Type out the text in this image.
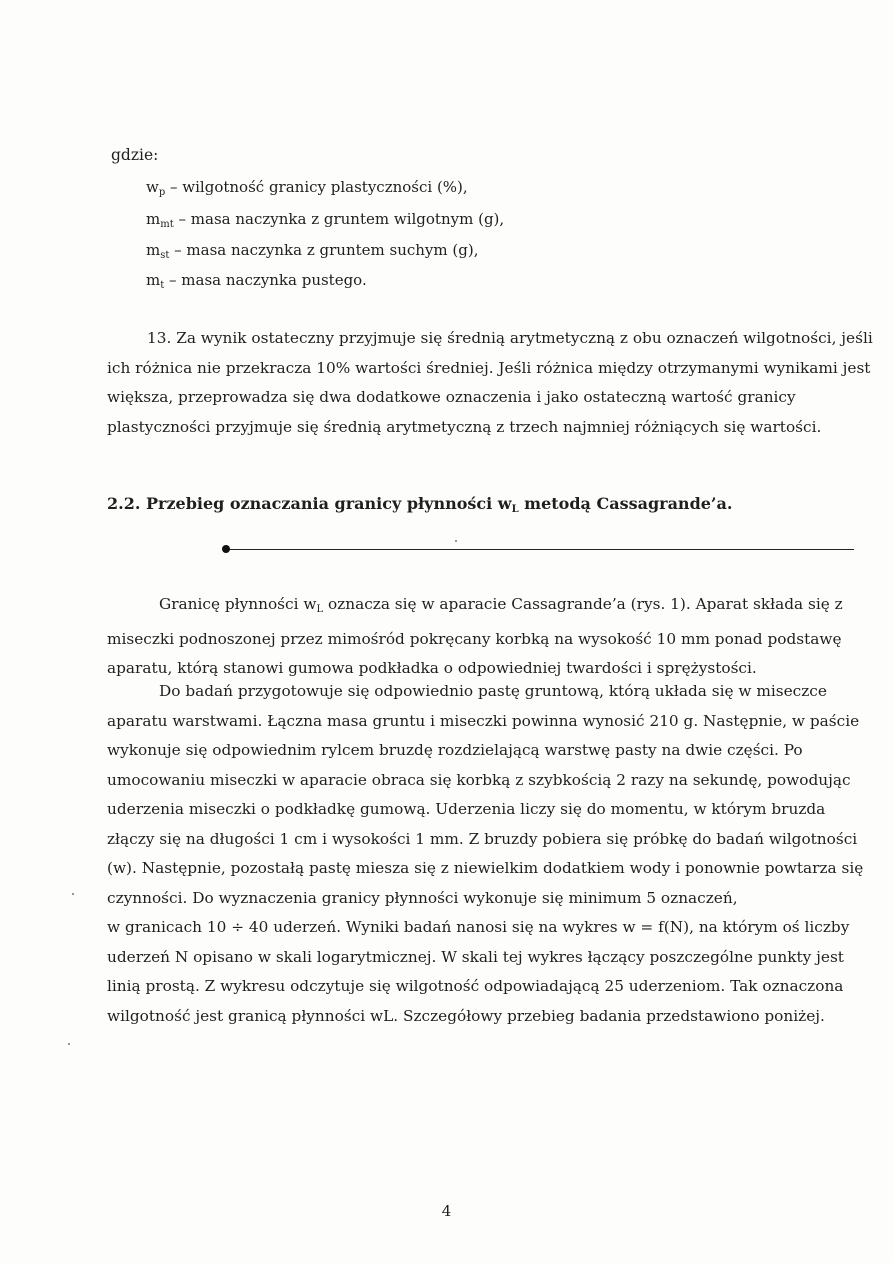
gdzie:
$w_p$ – wilgotność granicy plastyczności (%),
$m_{mt}$ – masa naczynka z gruntem wilgotnym (g),
$m_{st}$ – masa naczynka z gruntem suchym (g),
$m_t$ – masa naczynka pustego.
13. Za wynik ostateczny przyjmuje się średnią arytmetyczną z obu oznaczeń wilgotności, jeśli
ich różnica nie przekracza 10% wartości średniej. Jeśli różnica między otrzymanymi wynikami jest
większa, przeprowadza się dwa dodatkowe oznaczenia i jako ostateczną wartość granicy
plastyczności przyjmuje się średnią arytmetyczną z trzech najmniej różniących się wartości.
2.2. Przebieg oznaczania granicy płynności $w_L$ metodą Cassagrande’a.
Granicę płynności $w_L$ oznacza się w aparacie Cassagrande’a (rys. 1). Aparat składa się z
miseczki podnoszonej przez mimośród pokręcany korbką na wysokość 10 mm ponad podstawę
aparatu, którą stanowi gumowa podkładka o odpowiedniej twardości i sprężystości.
Do badań przygotowuje się odpowiednio pastę gruntową, którą układa się w miseczce
aparatu warstwami. Łączna masa gruntu i miseczki powinna wynosić 210 g. Następnie, w paście
wykonuje się odpowiednim rylcem bruzdę rozdzielającą warstwę pasty na dwie części. Po
umocowaniu miseczki w aparacie obraca się korbką z szybkością 2 razy na sekundę, powodując
uderzenia miseczki o podkładkę gumową. Uderzenia liczy się do momentu, w którym bruzda
złączy się na długości 1 cm i wysokości 1 mm. Z bruzdy pobiera się próbkę do badań wilgotności
(w). Następnie, pozostałą pastę miesza się z niewielkim dodatkiem wody i ponownie powtarza się
czynności. Do wyznaczenia granicy płynności wykonuje się minimum 5 oznaczeń,
w granicach 10 ÷ 40 uderzeń. Wyniki badań nanosi się na wykres w = f(N), na którym oś liczby
uderzeń N opisano w skali logarytmicznej. W skali tej wykres łączący poszczególne punkty jest
linią prostą. Z wykresu odczytuje się wilgotność odpowiadającą 25 uderzeniom. Tak oznaczona
wilgotność jest granicą płynności wL. Szczegółowy przebieg badania przedstawiono poniżej.
4
